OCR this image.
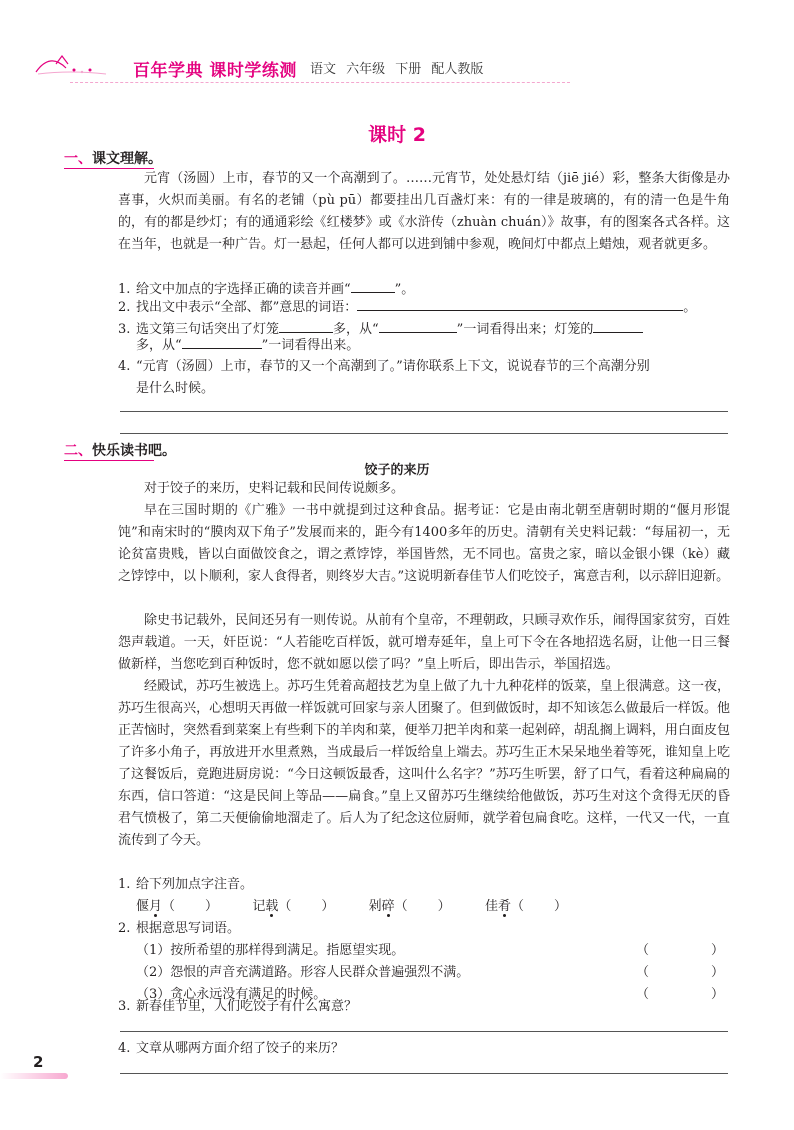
百年学典 课时学练测 语文 六年级 下册 配人教版
课时 2
一、课文理解。

元宵（汤圆）上市，春节的又一个高潮到了。……元宵节，处处悬灯结（jiē jié）彩，整条大街像是办喜事，火炽而美丽。有名的老铺（pù pū）都要挂出几百盏灯来：有的一律是玻璃的，有的清一色是牛角的，有的都是纱灯；有的通通彩绘《红楼梦》或《水浒传（zhuàn chuán）》故事，有的图案各式各样。这在当年，也就是一种广告。灯一悬起，任何人都可以进到铺中参观，晚间灯中都点上蜡烛，观者就更多。

1. 给文中加点的字选择正确的读音并画“	”。
2. 找出文中表示“全部、都”意思的词语：	。
3. 选文第三句话突出了灯笼	多，从“	”一词看得出来；灯笼的
多，从“	”一词看得出来。
4. “元宵（汤圆）上市，春节的又一个高潮到了。”请你联系上下文，说说春节的三个高潮分别
是什么时候。
二、快乐读书吧。
饺子的来历

对于饺子的来历，史料记载和民间传说颇多。

早在三国时期的《广雅》一书中就提到过这种食品。据考证：它是由南北朝至唐朝时期的“偃月形馄饨”和南宋时的“膜肉双下角子”发展而来的，距今有1400多年的历史。清朝有关史料记载：“每届初一，无论贫富贵贱，皆以白面做饺食之，谓之煮饽饽，举国皆然，无不同也。富贵之家，暗以金银小锞（kè）藏之饽饽中，以卜顺利，家人食得者，则终岁大吉。”这说明新春佳节人们吃饺子，寓意吉利，以示辞旧迎新。

除史书记载外，民间还另有一则传说。从前有个皇帝，不理朝政，只顾寻欢作乐，闹得国家贫穷，百姓怨声载道。一天，奸臣说：“人若能吃百样饭，就可增寿延年，皇上可下令在各地招选名厨，让他一日三餐做新样，当您吃到百种饭时，您不就如愿以偿了吗？”皇上听后，即出告示，举国招选。

经殿试，苏巧生被选上。苏巧生凭着高超技艺为皇上做了九十九种花样的饭菜，皇上很满意。这一夜，苏巧生很高兴，心想明天再做一样饭就可回家与亲人团聚了。但到做饭时，却不知该怎么做最后一样饭。他正苦恼时，突然看到菜案上有些剩下的羊肉和菜，便举刀把羊肉和菜一起剁碎，胡乱搁上调料，用白面皮包了许多小角子，再放进开水里煮熟，当成最后一样饭给皇上端去。苏巧生正木呆呆地坐着等死，谁知皇上吃了这餐饭后，竟跑进厨房说：“今日这顿饭最香，这叫什么名字？”苏巧生听罢，舒了口气，看着这种扁扁的东西，信口答道：“这是民间上等品——扁食。”皇上又留苏巧生继续给他做饭，苏巧生对这个贪得无厌的昏君气愤极了，第二天便偷偷地溜走了。后人为了纪念这位厨师，就学着包扁食吃。这样，一代又一代，一直流传到了今天。

1. 给下列加点字注音。
偃月（ ）	记载（ ）	剁碎（ ）	佳肴（ ）
2. 根据意思写词语。
（1）按所希望的那样得到满足。指愿望实现。
（2）怨恨的声音充满道路。形容人民群众普遍强烈不满。
（3）贪心永远没有满足的时候。
（	）
（	）
（	）
3. 新春佳节里，人们吃饺子有什么寓意？
4. 文章从哪两方面介绍了饺子的来历？
2
